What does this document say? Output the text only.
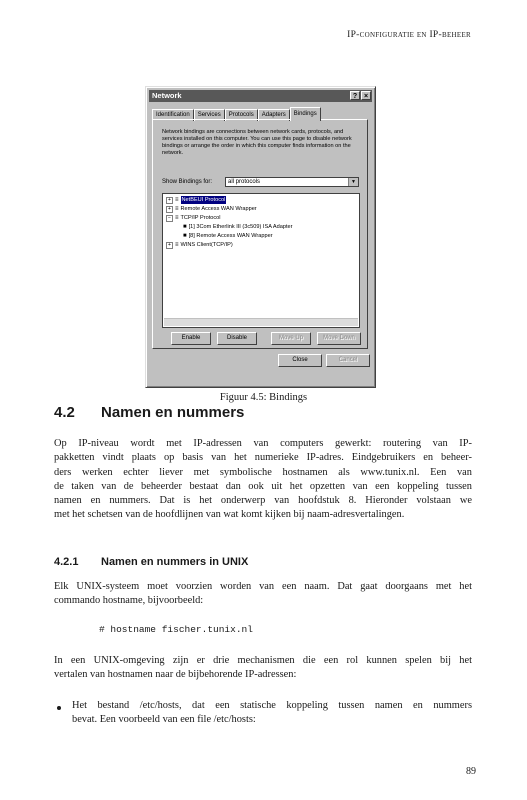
IP-configuratie en IP-beheer
Network	? ×
Identification	Services	Protocols	Adapters	Bindings
Network bindings are connections between network cards, protocols, and services installed on this computer. You can use this page to disable network bindings or arrange the order in which this computer finds information on the network.
Show Bindings for:	all protocols	▼
+ ≡ NetBEUI Protocol
+ ≡ Remote Access WAN Wrapper
− ≡ TCP/IP Protocol
■ [1] 3Com Etherlink III (3c509) ISA Adapter
■ [8] Remote Access WAN Wrapper
+ ≡ WINS Client(TCP/IP)
Enable	Disable	Move Up	Move Down
Close	Cancel
Figuur 4.5: Bindings
4.2 Namen en nummers
Op IP-niveau wordt met IP-adressen van computers gewerkt: routering van IP-
pakketten vindt plaats op basis van het numerieke IP-adres. Eindgebruikers en beheer-
ders werken echter liever met symbolische hostnamen als www.tunix.nl. Een van
de taken van de beheerder bestaat dan ook uit het opzetten van een koppeling tussen
namen en nummers. Dat is het onderwerp van hoofdstuk 8. Hieronder volstaan we
met het schetsen van de hoofdlijnen van wat komt kijken bij naam-adresvertalingen.
4.2.1 Namen en nummers in UNIX
Elk UNIX-systeem moet voorzien worden van een naam. Dat gaat doorgaans met het
commando hostname, bijvoorbeeld:
# hostname fischer.tunix.nl
In een UNIX-omgeving zijn er drie mechanismen die een rol kunnen spelen bij het
vertalen van hostnamen naar de bijbehorende IP-adressen:
Het bestand /etc/hosts, dat een statische koppeling tussen namen en nummers
bevat. Een voorbeeld van een file /etc/hosts:
89
